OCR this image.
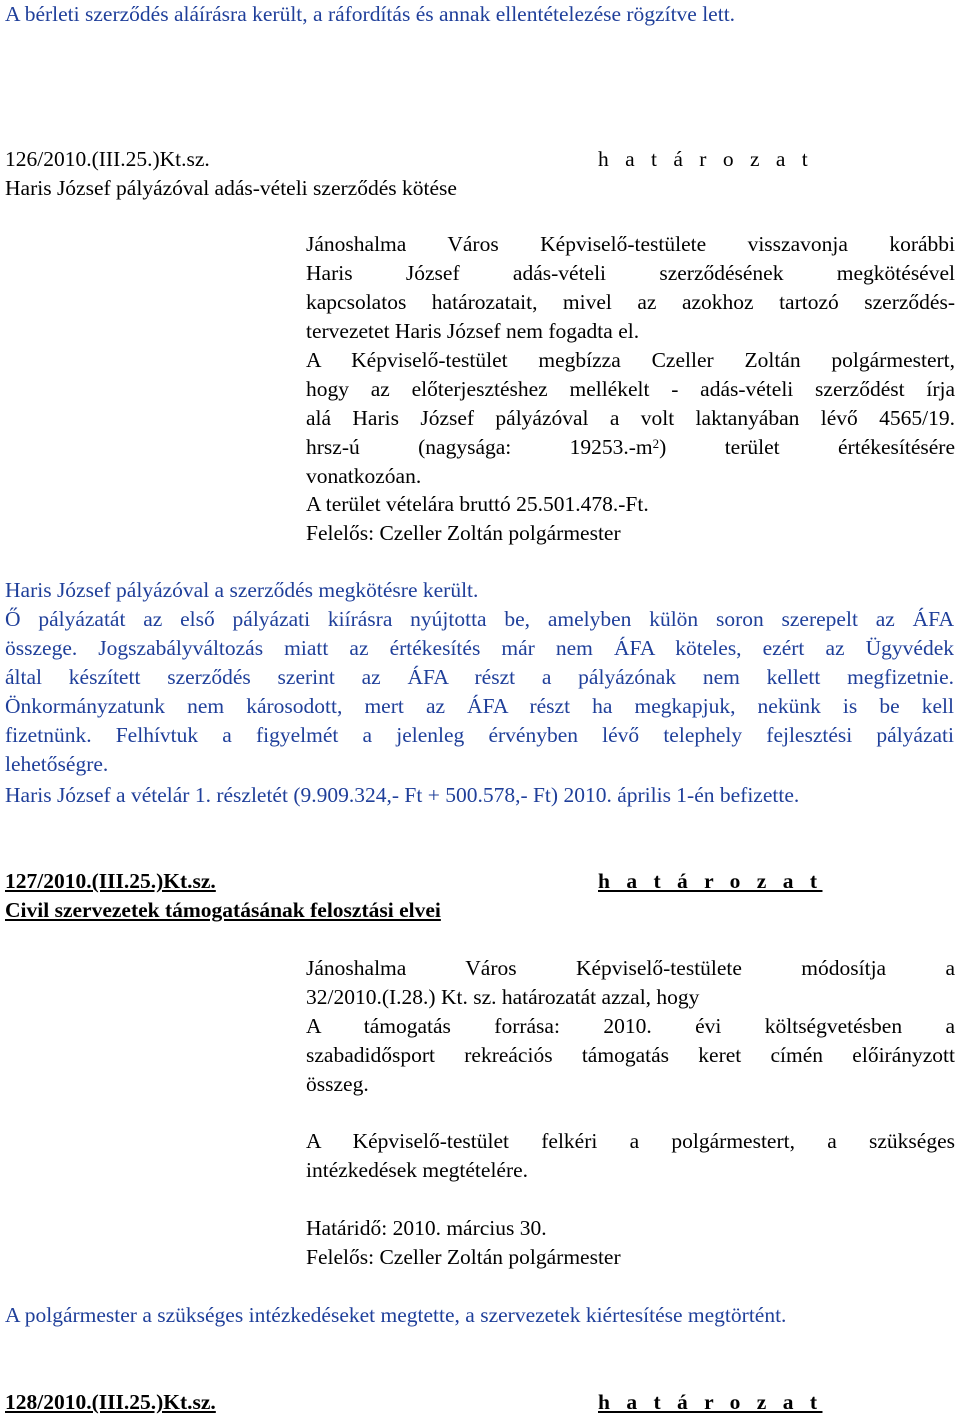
A bérleti szerződés aláírásra került, a ráfordítás és annak ellentételezése rögzítve lett.
126/2010.(III.25.)Kt.sz.	h a t á r o z a t
Haris József pályázóval adás-vételi szerződés kötése
Jánoshalma Város Képviselő-testülete visszavonja korábbi
Haris József adás-vételi szerződésének megkötésével
kapcsolatos határozatait, mivel az azokhoz tartozó szerződés-
tervezetet Haris József nem fogadta el.
A Képviselő-testület megbízza Czeller Zoltán polgármestert,
hogy az előterjesztéshez mellékelt - adás-vételi szerződést írja
alá Haris József pályázóval a volt laktanyában lévő 4565/19.
hrsz-ú (nagysága: $19253.-m^2$) terület értékesítésére
vonatkozóan.
A terület vételára bruttó 25.501.478.-Ft.
Felelős: Czeller Zoltán polgármester
Haris József pályázóval a szerződés megkötésre került.
Ő pályázatát az első pályázati kiírásra nyújtotta be, amelyben külön soron szerepelt az ÁFA
összege. Jogszabályváltozás miatt az értékesítés már nem ÁFA köteles, ezért az Ügyvédek
által készített szerződés szerint az ÁFA részt a pályázónak nem kellett megfizetnie.
Önkormányzatunk nem károsodott, mert az ÁFA részt ha megkapjuk, nekünk is be kell
fizetnünk. Felhívtuk a figyelmét a jelenleg érvényben lévő telephely fejlesztési pályázati
lehetőségre.
Haris József a vételár 1. részletét (9.909.324,- Ft + 500.578,- Ft) 2010. április 1-én befizette.
127/2010.(III.25.)Kt.sz.	h a t á r o z a t
Civil szervezetek támogatásának felosztási elvei
Jánoshalma Város Képviselő-testülete módosítja a
32/2010.(I.28.) Kt. sz. határozatát azzal, hogy
A támogatás forrása: 2010. évi költségvetésben a
szabadidősport rekreációs támogatás keret címén előirányzott
összeg.
A Képviselő-testület felkéri a polgármestert, a szükséges
intézkedések megtételére.
Határidő: 2010. március 30.
Felelős: Czeller Zoltán polgármester
A polgármester a szükséges intézkedéseket megtette, a szervezetek kiértesítése megtörtént.
128/2010.(III.25.)Kt.sz.	h a t á r o z a t
